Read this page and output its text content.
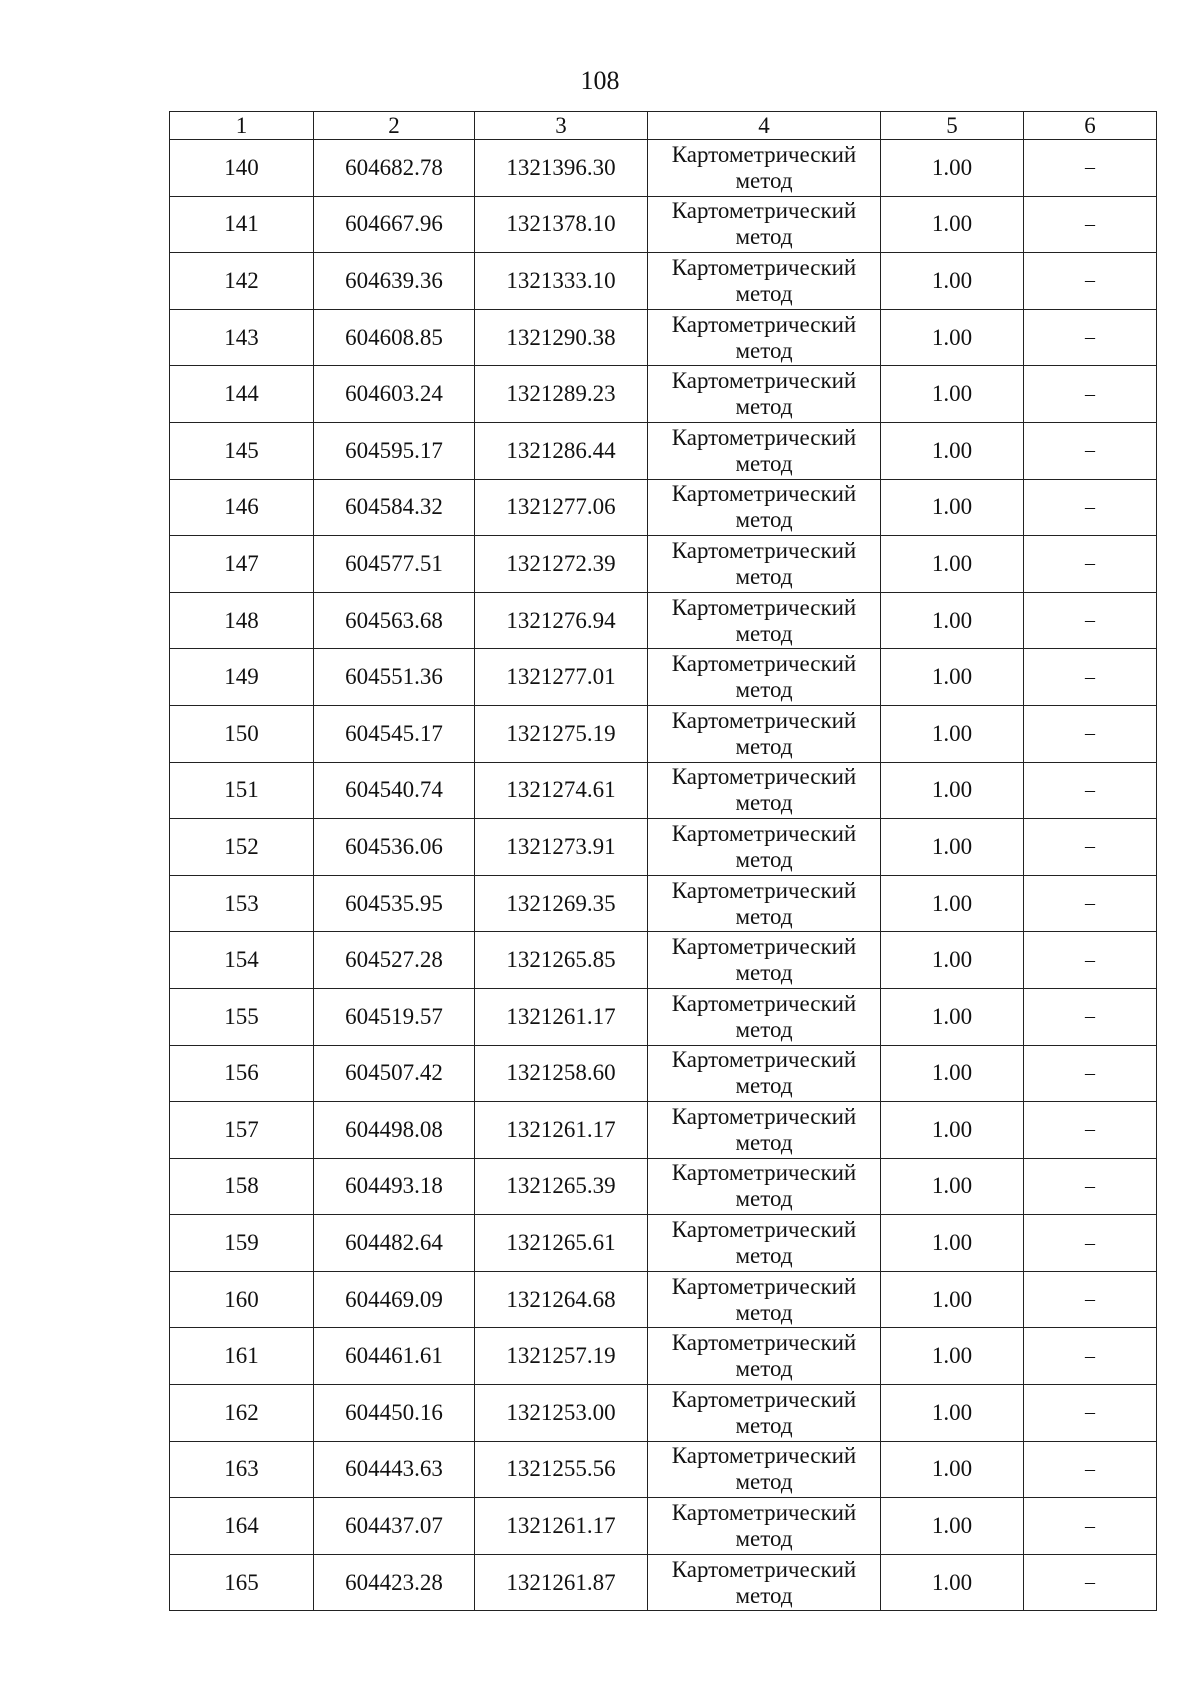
108
1	2	3	4	5	6
140	604682.78	1321396.30	Картометрический метод	1.00	–
141	604667.96	1321378.10	Картометрический метод	1.00	–
142	604639.36	1321333.10	Картометрический метод	1.00	–
143	604608.85	1321290.38	Картометрический метод	1.00	–
144	604603.24	1321289.23	Картометрический метод	1.00	–
145	604595.17	1321286.44	Картометрический метод	1.00	–
146	604584.32	1321277.06	Картометрический метод	1.00	–
147	604577.51	1321272.39	Картометрический метод	1.00	–
148	604563.68	1321276.94	Картометрический метод	1.00	–
149	604551.36	1321277.01	Картометрический метод	1.00	–
150	604545.17	1321275.19	Картометрический метод	1.00	–
151	604540.74	1321274.61	Картометрический метод	1.00	–
152	604536.06	1321273.91	Картометрический метод	1.00	–
153	604535.95	1321269.35	Картометрический метод	1.00	–
154	604527.28	1321265.85	Картометрический метод	1.00	–
155	604519.57	1321261.17	Картометрический метод	1.00	–
156	604507.42	1321258.60	Картометрический метод	1.00	–
157	604498.08	1321261.17	Картометрический метод	1.00	–
158	604493.18	1321265.39	Картометрический метод	1.00	–
159	604482.64	1321265.61	Картометрический метод	1.00	–
160	604469.09	1321264.68	Картометрический метод	1.00	–
161	604461.61	1321257.19	Картометрический метод	1.00	–
162	604450.16	1321253.00	Картометрический метод	1.00	–
163	604443.63	1321255.56	Картометрический метод	1.00	–
164	604437.07	1321261.17	Картометрический метод	1.00	–
165	604423.28	1321261.87	Картометрический метод	1.00	–
